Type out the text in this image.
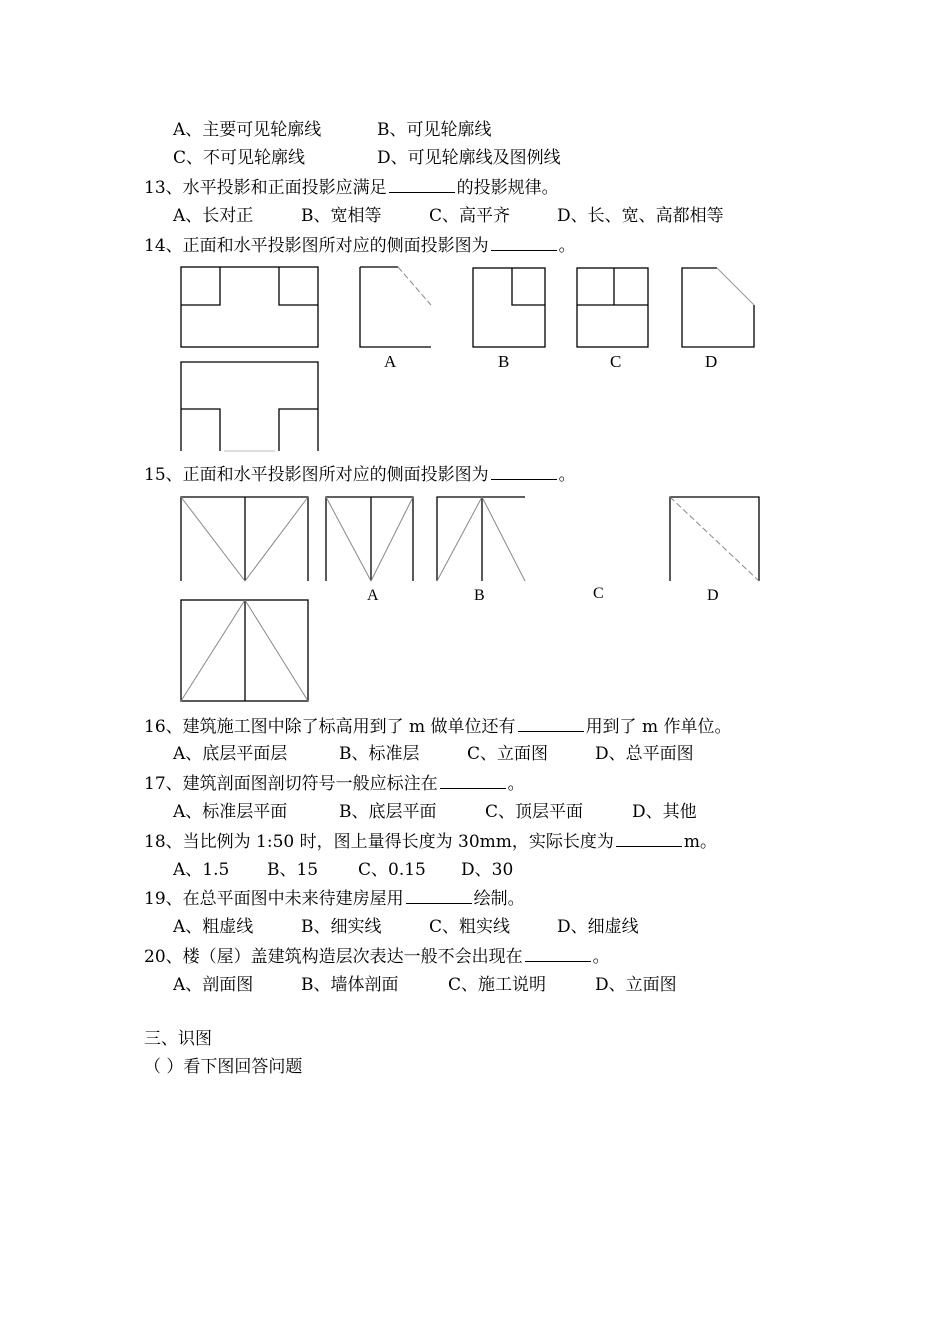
A、主要可见轮廓线	B、可见轮廓线
C、不可见轮廓线	D、可见轮廓线及图例线
13、水平投影和正面投影应满足	的投影规律。
A、长对正	B、宽相等	C、高平齐	D、长、宽、高都相等
14、正面和水平投影图所对应的侧面投影图为	。
A	B	C	D
15、正面和水平投影图所对应的侧面投影图为	。
A	B	C	D
16、建筑施工图中除了标高用到了 m 做单位还有	用到了 m 作单位。
A、底层平面层	B、标准层	C、立面图	D、总平面图
17、建筑剖面图剖切符号一般应标注在	。
A、标准层平面	B、底层平面	C、顶层平面	D、其他
18、当比例为 1:50 时，图上量得长度为 30mm，实际长度为	m。
A、1.5 B、15 C、0.15 D、30
19、在总平面图中未来待建房屋用	绘制。
A、粗虚线	B、细实线	C、粗实线	D、细虚线
20、楼（屋）盖建筑构造层次表达一般不会出现在	。
A、剖面图	B、墙体剖面	C、施工说明	D、立面图
三、识图
（ ）看下图回答问题
